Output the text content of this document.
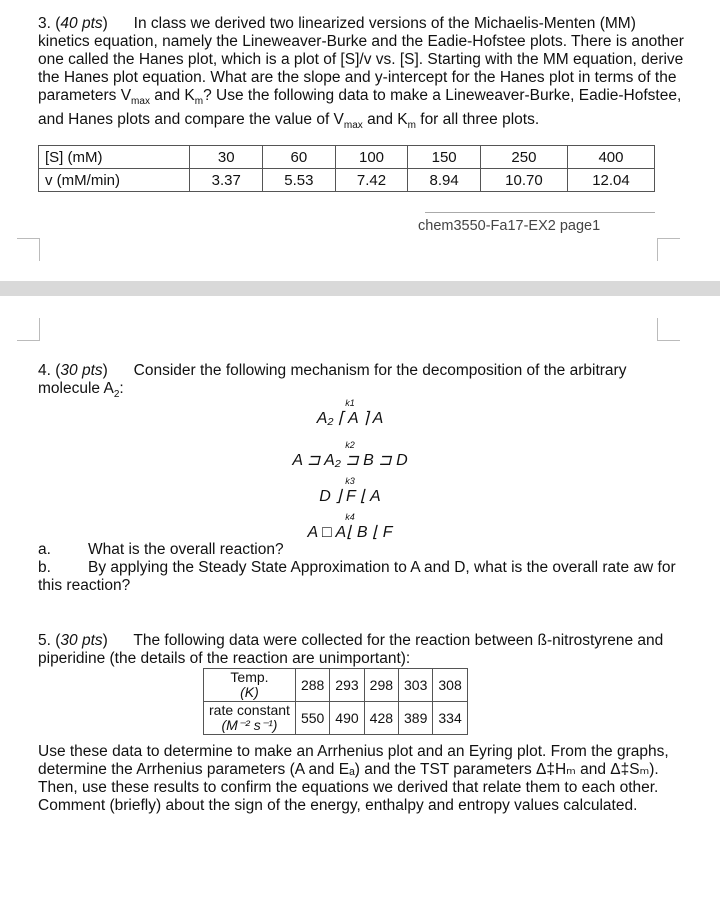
3. (40 pts) In class we derived two linearized versions of the Michaelis-Menten (MM) kinetics equation, namely the Lineweaver-Burke and the Eadie-Hofstee plots. There is another one called the Hanes plot, which is a plot of [S]/v vs. [S]. Starting with the MM equation, derive the Hanes plot equation. What are the slope and y-intercept for the Hanes plot in terms of the parameters $V_{max}$ and $K_m$? Use the following data to make a Lineweaver-Burke, Eadie-Hofstee, and Hanes plots and compare the value of $V_{max}$ and $K_m$ for all three plots.

[S] (mM)	30	60	100	150	250	400
v (mM/min)	3.37	5.53	7.42	8.94	10.70	12.04
chem3550-Fa17-EX2 page1

4. (30 pts) Consider the following mechanism for the decomposition of the arbitrary molecule $A_2$:

k1
A₂ ⌈ A ⌉ A
k2
A ⊐ A₂ ⊐ B ⊐ D
k3
D ⌋ F ⌊ A
k4
A □ A⌊ B ⌊ F

a. What is the overall reaction?

b. By applying the Steady State Approximation to A and D, what is the overall rate aw for this reaction?

5. (30 pts) The following data were collected for the reaction between ß-nitrostyrene and piperidine (the details of the reaction are unimportant):

Temp.
(K)	288	293	298	303	308
rate constant
(M⁻² s⁻¹)	550	490	428	389	334

Use these data to determine to make an Arrhenius plot and an Eyring plot. From the graphs, determine the Arrhenius parameters (A and Eₐ) and the TST parameters Δ‡Hₘ and Δ‡Sₘ). Then, use these results to confirm the equations we derived that relate them to each other. Comment (briefly) about the sign of the energy, enthalpy and entropy values calculated.
